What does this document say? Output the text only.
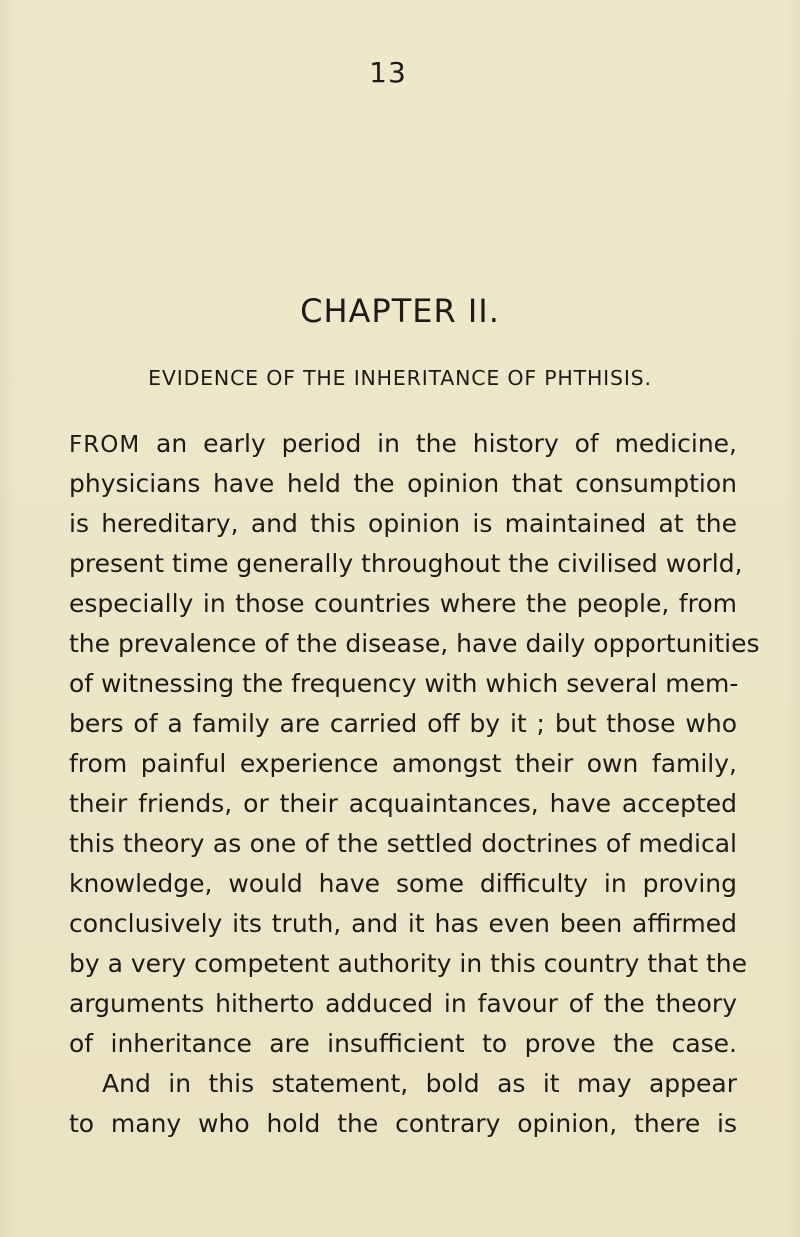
13
CHAPTER II.
EVIDENCE OF THE INHERITANCE OF PHTHISIS.
FROM an early period in the history of medicine,
physicians have held the opinion that consumption
is hereditary, and this opinion is maintained at the
present time generally throughout the civilised world,
especially in those countries where the people, from
the prevalence of the disease, have daily opportunities
of witnessing the frequency with which several mem-
bers of a family are carried off by it ; but those who
from painful experience amongst their own family,
their friends, or their acquaintances, have accepted
this theory as one of the settled doctrines of medical
knowledge, would have some difficulty in proving
conclusively its truth, and it has even been affirmed
by a very competent authority in this country that the
arguments hitherto adduced in favour of the theory
of inheritance are insufficient to prove the case.
And in this statement, bold as it may appear
to many who hold the contrary opinion, there is
